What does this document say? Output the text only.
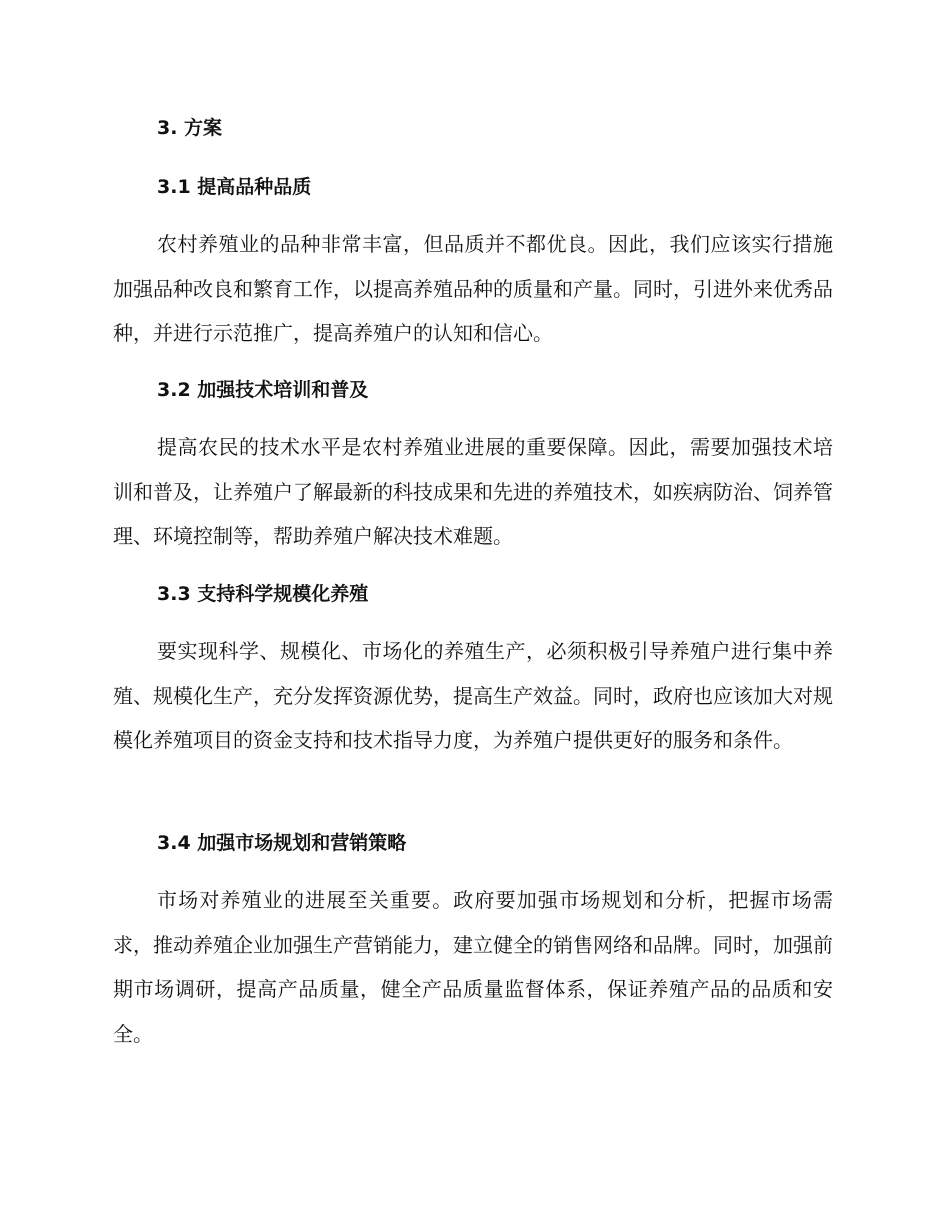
3. 方案
3.1 提高品种品质

农村养殖业的品种非常丰富，但品质并不都优良。因此，我们应该实行措施加强品种改良和繁育工作，以提高养殖品种的质量和产量。同时，引进外来优秀品种，并进行示范推广，提高养殖户的认知和信心。

3.2 加强技术培训和普及

提高农民的技术水平是农村养殖业进展的重要保障。因此，需要加强技术培训和普及，让养殖户了解最新的科技成果和先进的养殖技术，如疾病防治、饲养管理、环境控制等，帮助养殖户解决技术难题。

3.3 支持科学规模化养殖

要实现科学、规模化、市场化的养殖生产，必须积极引导养殖户进行集中养殖、规模化生产，充分发挥资源优势，提高生产效益。同时，政府也应该加大对规模化养殖项目的资金支持和技术指导力度，为养殖户提供更好的服务和条件。

3.4 加强市场规划和营销策略

市场对养殖业的进展至关重要。政府要加强市场规划和分析，把握市场需求，推动养殖企业加强生产营销能力，建立健全的销售网络和品牌。同时，加强前期市场调研，提高产品质量，健全产品质量监督体系，保证养殖产品的品质和安全。
